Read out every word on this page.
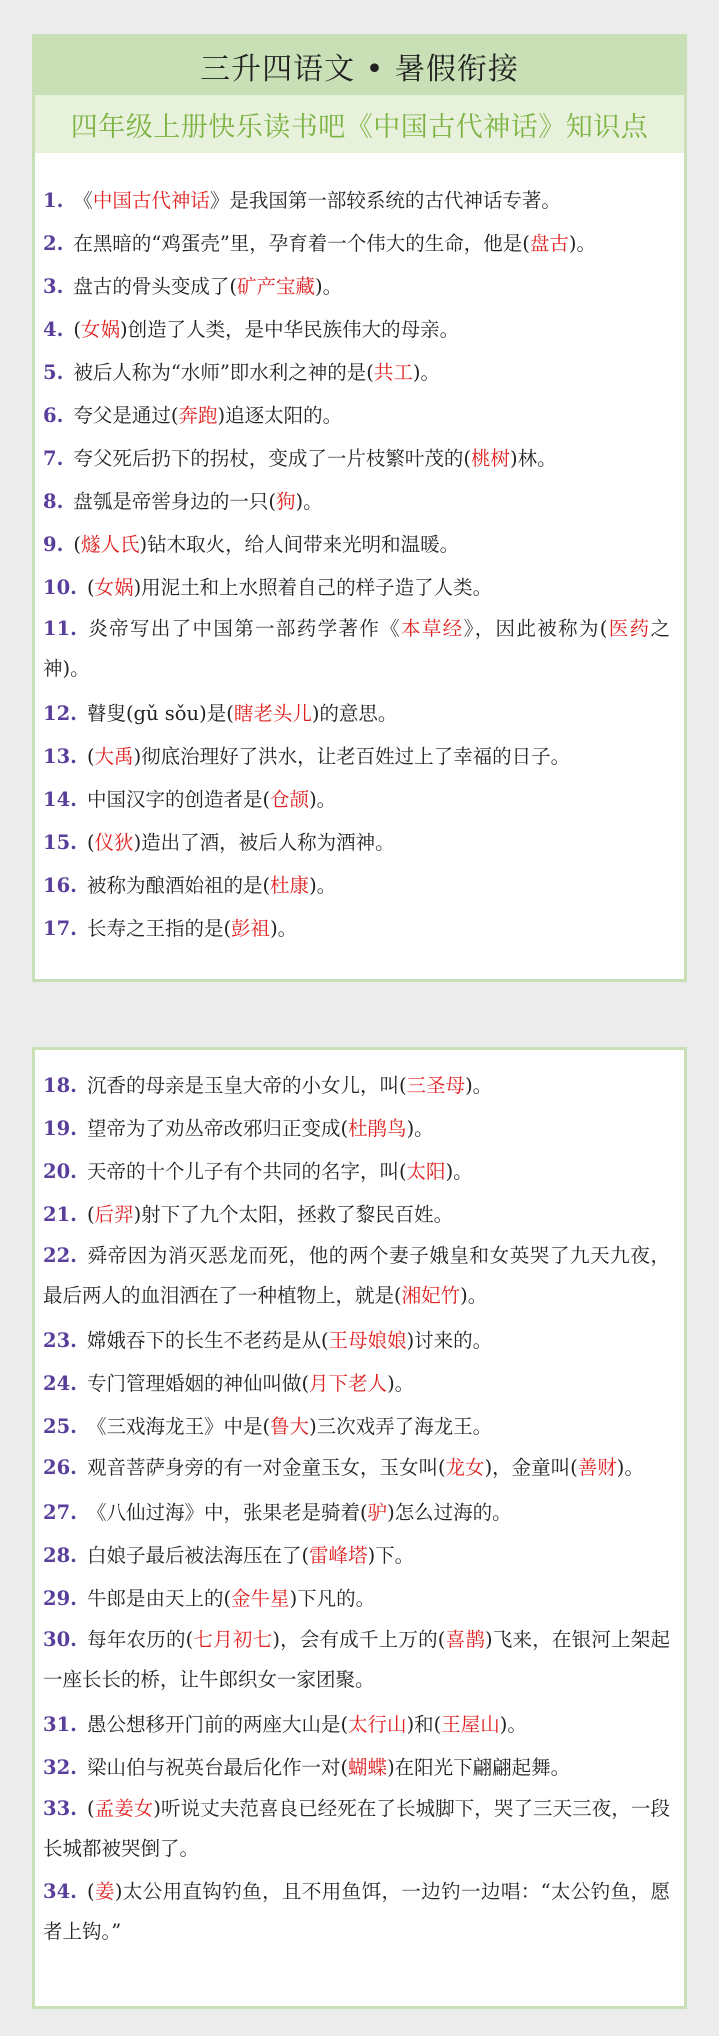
三升四语文 • 暑假衔接
四年级上册快乐读书吧《中国古代神话》知识点

1. 《中国古代神话》是我国第一部较系统的古代神话专著。

2. 在黑暗的“鸡蛋壳”里，孕育着一个伟大的生命，他是(盘古)。

3. 盘古的骨头变成了(矿产宝藏)。

4. (女娲)创造了人类，是中华民族伟大的母亲。

5. 被后人称为“水师”即水利之神的是(共工)。

6. 夸父是通过(奔跑)追逐太阳的。

7. 夸父死后扔下的拐杖，变成了一片枝繁叶茂的(桃树)林。

8. 盘瓠是帝喾身边的一只(狗)。

9. (燧人氏)钻木取火，给人间带来光明和温暖。

10. (女娲)用泥土和上水照着自己的样子造了人类。

11. 炎帝写出了中国第一部药学著作《本草经》，因此被称为(医药之神)。

12. 瞽叟(gǔ sǒu)是(瞎老头儿)的意思。

13. (大禹)彻底治理好了洪水，让老百姓过上了幸福的日子。

14. 中国汉字的创造者是(仓颉)。

15. (仪狄)造出了酒，被后人称为酒神。

16. 被称为酿酒始祖的是(杜康)。

17. 长寿之王指的是(彭祖)。

18. 沉香的母亲是玉皇大帝的小女儿，叫(三圣母)。

19. 望帝为了劝丛帝改邪归正变成(杜鹃鸟)。

20. 天帝的十个儿子有个共同的名字，叫(太阳)。

21. (后羿)射下了九个太阳，拯救了黎民百姓。

22. 舜帝因为消灭恶龙而死，他的两个妻子娥皇和女英哭了九天九夜，最后两人的血泪洒在了一种植物上，就是(湘妃竹)。

23. 嫦娥吞下的长生不老药是从(王母娘娘)讨来的。

24. 专门管理婚姻的神仙叫做(月下老人)。

25. 《三戏海龙王》中是(鲁大)三次戏弄了海龙王。

26. 观音菩萨身旁的有一对金童玉女，玉女叫(龙女)，金童叫(善财)。

27. 《八仙过海》中，张果老是骑着(驴)怎么过海的。

28. 白娘子最后被法海压在了(雷峰塔)下。

29. 牛郎是由天上的(金牛星)下凡的。

30. 每年农历的(七月初七)，会有成千上万的(喜鹊)飞来，在银河上架起一座长长的桥，让牛郎织女一家团聚。

31. 愚公想移开门前的两座大山是(太行山)和(王屋山)。

32. 梁山伯与祝英台最后化作一对(蝴蝶)在阳光下翩翩起舞。

33. (孟姜女)听说丈夫范喜良已经死在了长城脚下，哭了三天三夜，一段长城都被哭倒了。

34. (姜)太公用直钩钓鱼，且不用鱼饵，一边钓一边唱：“太公钓鱼，愿者上钩。”
